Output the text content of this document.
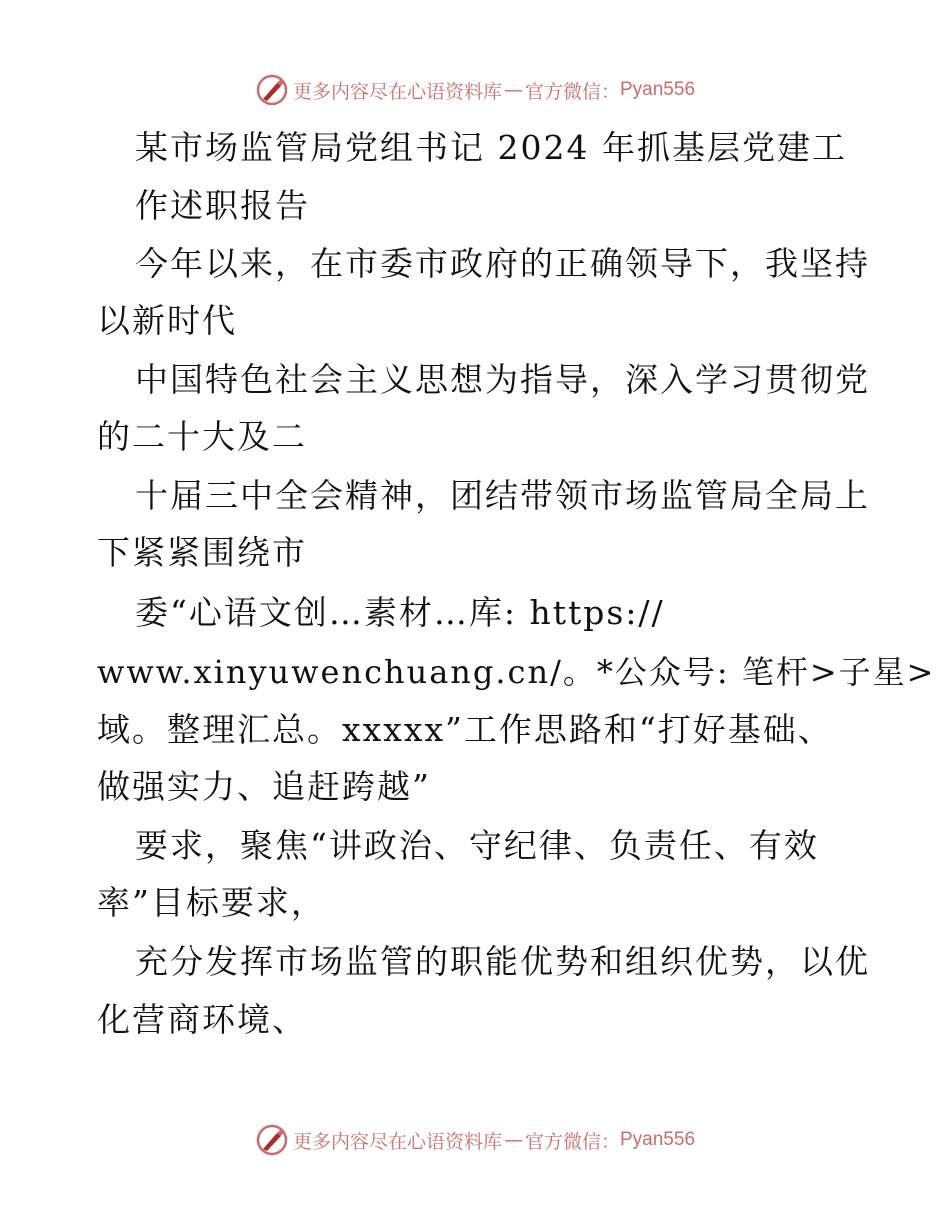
更多内容尽在心语资料库 — 官方微信： Pyan556
某市场监管局党组书记 2024 年抓基层党建工
作述职报告
今年以来，在市委市政府的正确领导下，我坚持
以新时代
中国特色社会主义思想为指导，深入学习贯彻党
的二十大及二
十届三中全会精神，团结带领市场监管局全局上
下紧紧围绕市
委“心语文创…素材…库: https://
www.xinyuwenchuang.cn/。*公众号: 笔杆>子星>
域。整理汇总。xxxxx”工作思路和“打好基础、
做强实力、追赶跨越”
要求，聚焦“讲政治、守纪律、负责任、有效
率”目标要求，
充分发挥市场监管的职能优势和组织优势，以优
化营商环境、
更多内容尽在心语资料库 — 官方微信： Pyan556
